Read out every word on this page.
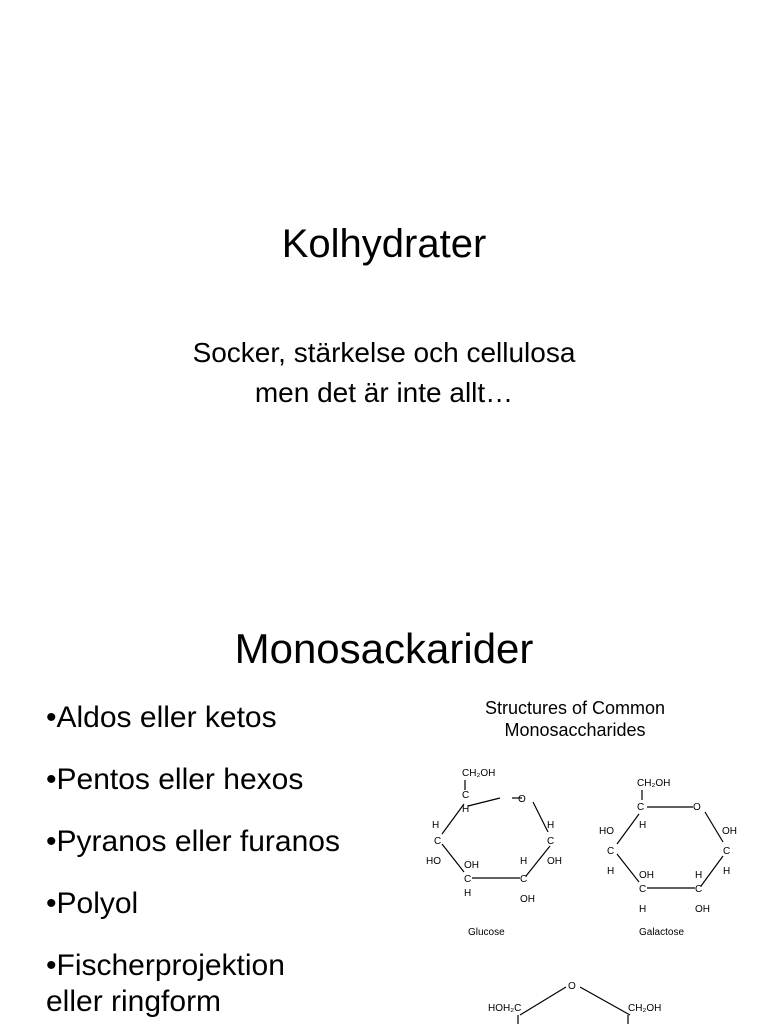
Kolhydrater
Socker, stärkelse och cellulosa
men det är inte allt…
Monosackarider
•Aldos eller ketos
•Pentos eller hexos
•Pyranos eller furanos
•Polyol
•Fischerprojektion
eller ringform
Structures of Common
Monosaccharides
CH₂OH
C
H
O
H
C
H
C
OH
HO OH	H
C	C
H
OH
Glucose
CH₂OH
C
H
O
HO
C
H
OH
C
H
OH	H
C	C
H	OH
Galactose
O
HOH₂C	CH₂OH
